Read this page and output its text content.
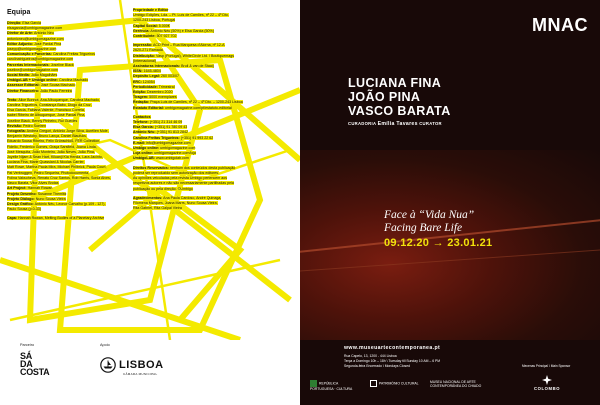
Equipa
Direção: Elsa Garcia
elsagarcia@umbigomagazine.com
Diretor de Arte: António Néu
antonioneu@umbigomagazine.com
Editor Adjunto: José Pardal Pina
josepp@umbigomagazine.com
Comunicação e Parcerias: Carolina Freitas Trigueiros
carolinatrigueiros@umbigomagazine.com
Parcerias Internacionais: Joseline Black
joseline@umbigomagazine.com
Social Media: João Magalhães
UmbigoLAB + Umbigo online: Carolina Machado
Assessor Editorial: José Sousa Machado
Diretor Financeiro: João Paulo Ferreira
Texto: Alice Bonnot, Ana Albuquerque, Carolina Machado,
Carolina Trigueiros, Constança Babo, Diogo da Cruz,
Elsa Garcia, Fabiana Valente, Francisco Correia,
Isabel Ribeiro de Albuquerque, José Pardal Pina,
Joseline Black, Benny Pinheiro, Rui Guedes
Revisão: Pedro Soeiren
Fotografia: Andrea Gregori, António Jorge Silva, Aurélien Mole,
Benjamin Westoby, Bruno Lança, Daniel Blaufuks,
Eduardo Sousa Ribeiro, Felix Grünschloß, FER Collection,
Fidelio, Frederico Gomes, Graça Sarsfield, Joana Linda,
José Mesquita, João Monteiro, João Neves, João Pina,
Joyelle Nijam & Sean Hart, Kiluanji Kia Henda, Lara Jacinto,
Luciana Fina, Marie Quassiani & Nicolas Carrier,
Matt Rowe, Martha Paola Mira, Michael Philbrick, Paula Court,
Pat Verbruggen, Pedro Sequeira, Photodocumenta,
Polina Vaksoheva, Renato Cruz Santos, Rob Harris, Sonia Alves,
Vasco Barata, Vitor Alves Brotas
Art Project: Hannah Rowan
Projeto Desenho: Susanne Themlitz
Projeto Diálogo: Nuno Sousa Vieira
Design Gráfico: António Néu, Leonor Carvalho (p.109 - 127),
Paulo Sousa (p.0-33)
Capa: Hannah Rowan, Melting Bodies of a Planetary Archive
Propriedade e Editor
Umbigo Edições, Lda. – Pt. Luís de Camões, nº 22 – 4º Dto.
1200-243 Lisboa, Portugal
Capital Social: 5.000€
Gerência: António Néu (50%) e Elsa Garcia (50%)
Contribuinte: 507 927 702
Impressão: ACD Print – Rua Marquesa d'Alorna, nº 12-A
2620-271 Ramada
Distribuição: Vasp (Portugal), WhiteCircle Ltd. / Boutiquemags
(Internacional)
Assinaturas Internacionais: Bruil & van de Staaij
ISSN: 1645-4804
Depósito Legal: 260 003/07
ERC: 124054
Periodicidade: Trimestral
Edição: Dezembro 2020
Tiragem: 5000 exemplares
Redação: Praça Luís de Camões, nº 22 – 4º Dto. – 1200-243 Lisboa
Estatuto Editorial: umbigomagazine.com/pt/estatuto-editorial
Contactos
Telefone: (+351) 21 314 46 09
Elsa Garcia: (+351) 91 780 09 43
António Néu: (+351) 91 813 2842
Carolina Freitas Trigueiros: (+351) 91 993 22 62
E-mail: info@umbigomagazine.com
Umbigo online: umbigomagazine.com
Loja online: umbigomagazine.com/loja
UmbigoLAB: www.umbigolab.com
Direitos Reservados: nenhum dos conteúdos desta publicação
poderá ser reproduzido sem autorização dos editores.
As opiniões veiculadas pela revista Umbigo pertencem aos
respetivos autores e não são necessariamente partilhadas pela
publicação ou pela direção. ©Umbigo
Agradecimentos: Ana Paula Cardoso, André Quinaga,
Filomena Marques, Joana Marrs, Nuno Sousa Vieira,
Rita Gabriel, Rita Galpal Vieira
Parceiro	Apoio
SÁ
DA
COSTA
LISBOA
CÂMARA MUNICIPAL
MNAC
LUCIANA FINA
JOÃO PINA
VASCO BARATA
CURADORIA Emília Tavares CURATOR
Face à “Vida Nua”
Facing Bare Life
09.12.20 → 23.01.21
www.museuartecontemporanea.pt
Rua Capelo, 13, 1200 - 444 Lisboa
Terça a Domingo 10h – 18h \ Tuesday till Sunday 10 AM – 6 PM
Segunda-feira Encerrado \ Mondays Closed	Mecenas Principal \ Main Sponsor
REPÚBLICA PORTUGUESA · CULTURA
PATRIMÓNIO CULTURAL	MUSEU NACIONAL DE ARTE CONTEMPORÂNEA DO CHIADO	COLOMBO
